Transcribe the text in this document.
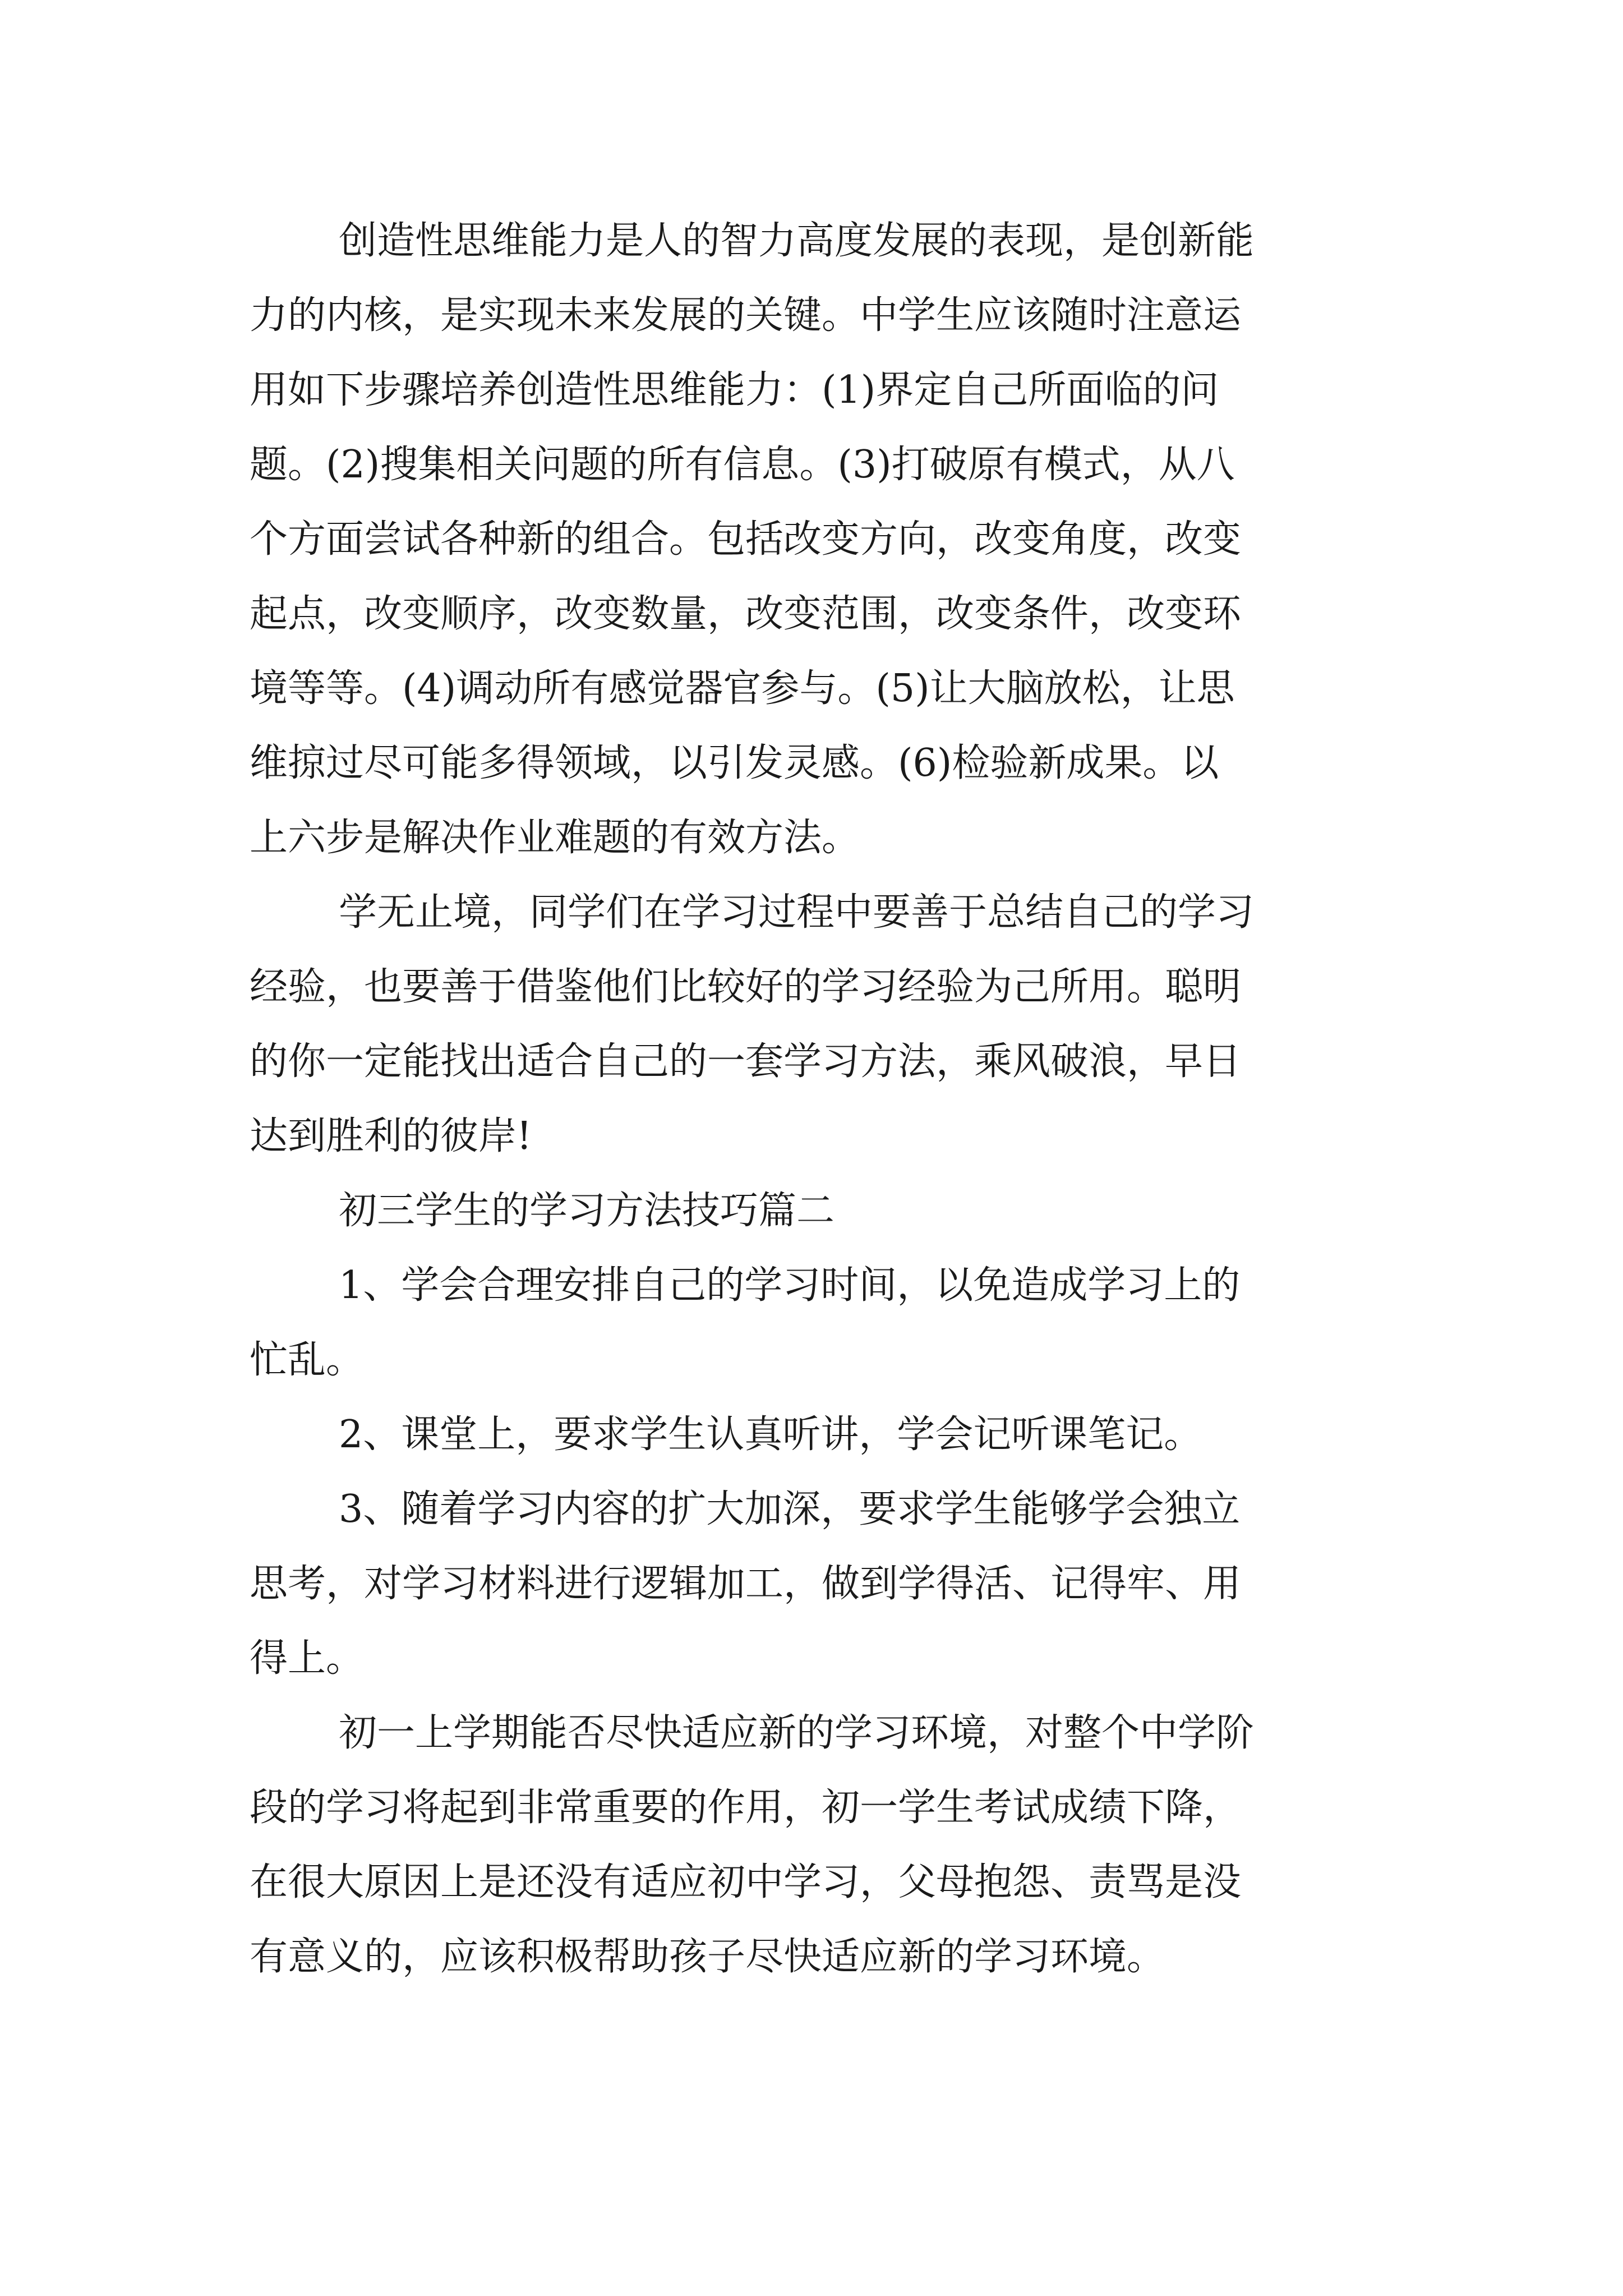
创造性思维能力是人的智力高度发展的表现，是创新能

力的内核，是实现未来发展的关键。中学生应该随时注意运

用如下步骤培养创造性思维能力：(1)界定自己所面临的问

题。(2)搜集相关问题的所有信息。(3)打破原有模式，从八

个方面尝试各种新的组合。包括改变方向，改变角度，改变

起点，改变顺序，改变数量，改变范围，改变条件，改变环

境等等。(4)调动所有感觉器官参与。(5)让大脑放松，让思

维掠过尽可能多得领域，以引发灵感。(6)检验新成果。以

上六步是解决作业难题的有效方法。

学无止境，同学们在学习过程中要善于总结自己的学习

经验，也要善于借鉴他们比较好的学习经验为己所用。聪明

的你一定能找出适合自己的一套学习方法，乘风破浪，早日

达到胜利的彼岸!

初三学生的学习方法技巧篇二

1、学会合理安排自己的学习时间，以免造成学习上的

忙乱。

2、课堂上，要求学生认真听讲，学会记听课笔记。

3、随着学习内容的扩大加深，要求学生能够学会独立

思考，对学习材料进行逻辑加工，做到学得活、记得牢、用

得上。

初一上学期能否尽快适应新的学习环境，对整个中学阶

段的学习将起到非常重要的作用，初一学生考试成绩下降，

在很大原因上是还没有适应初中学习，父母抱怨、责骂是没

有意义的，应该积极帮助孩子尽快适应新的学习环境。
